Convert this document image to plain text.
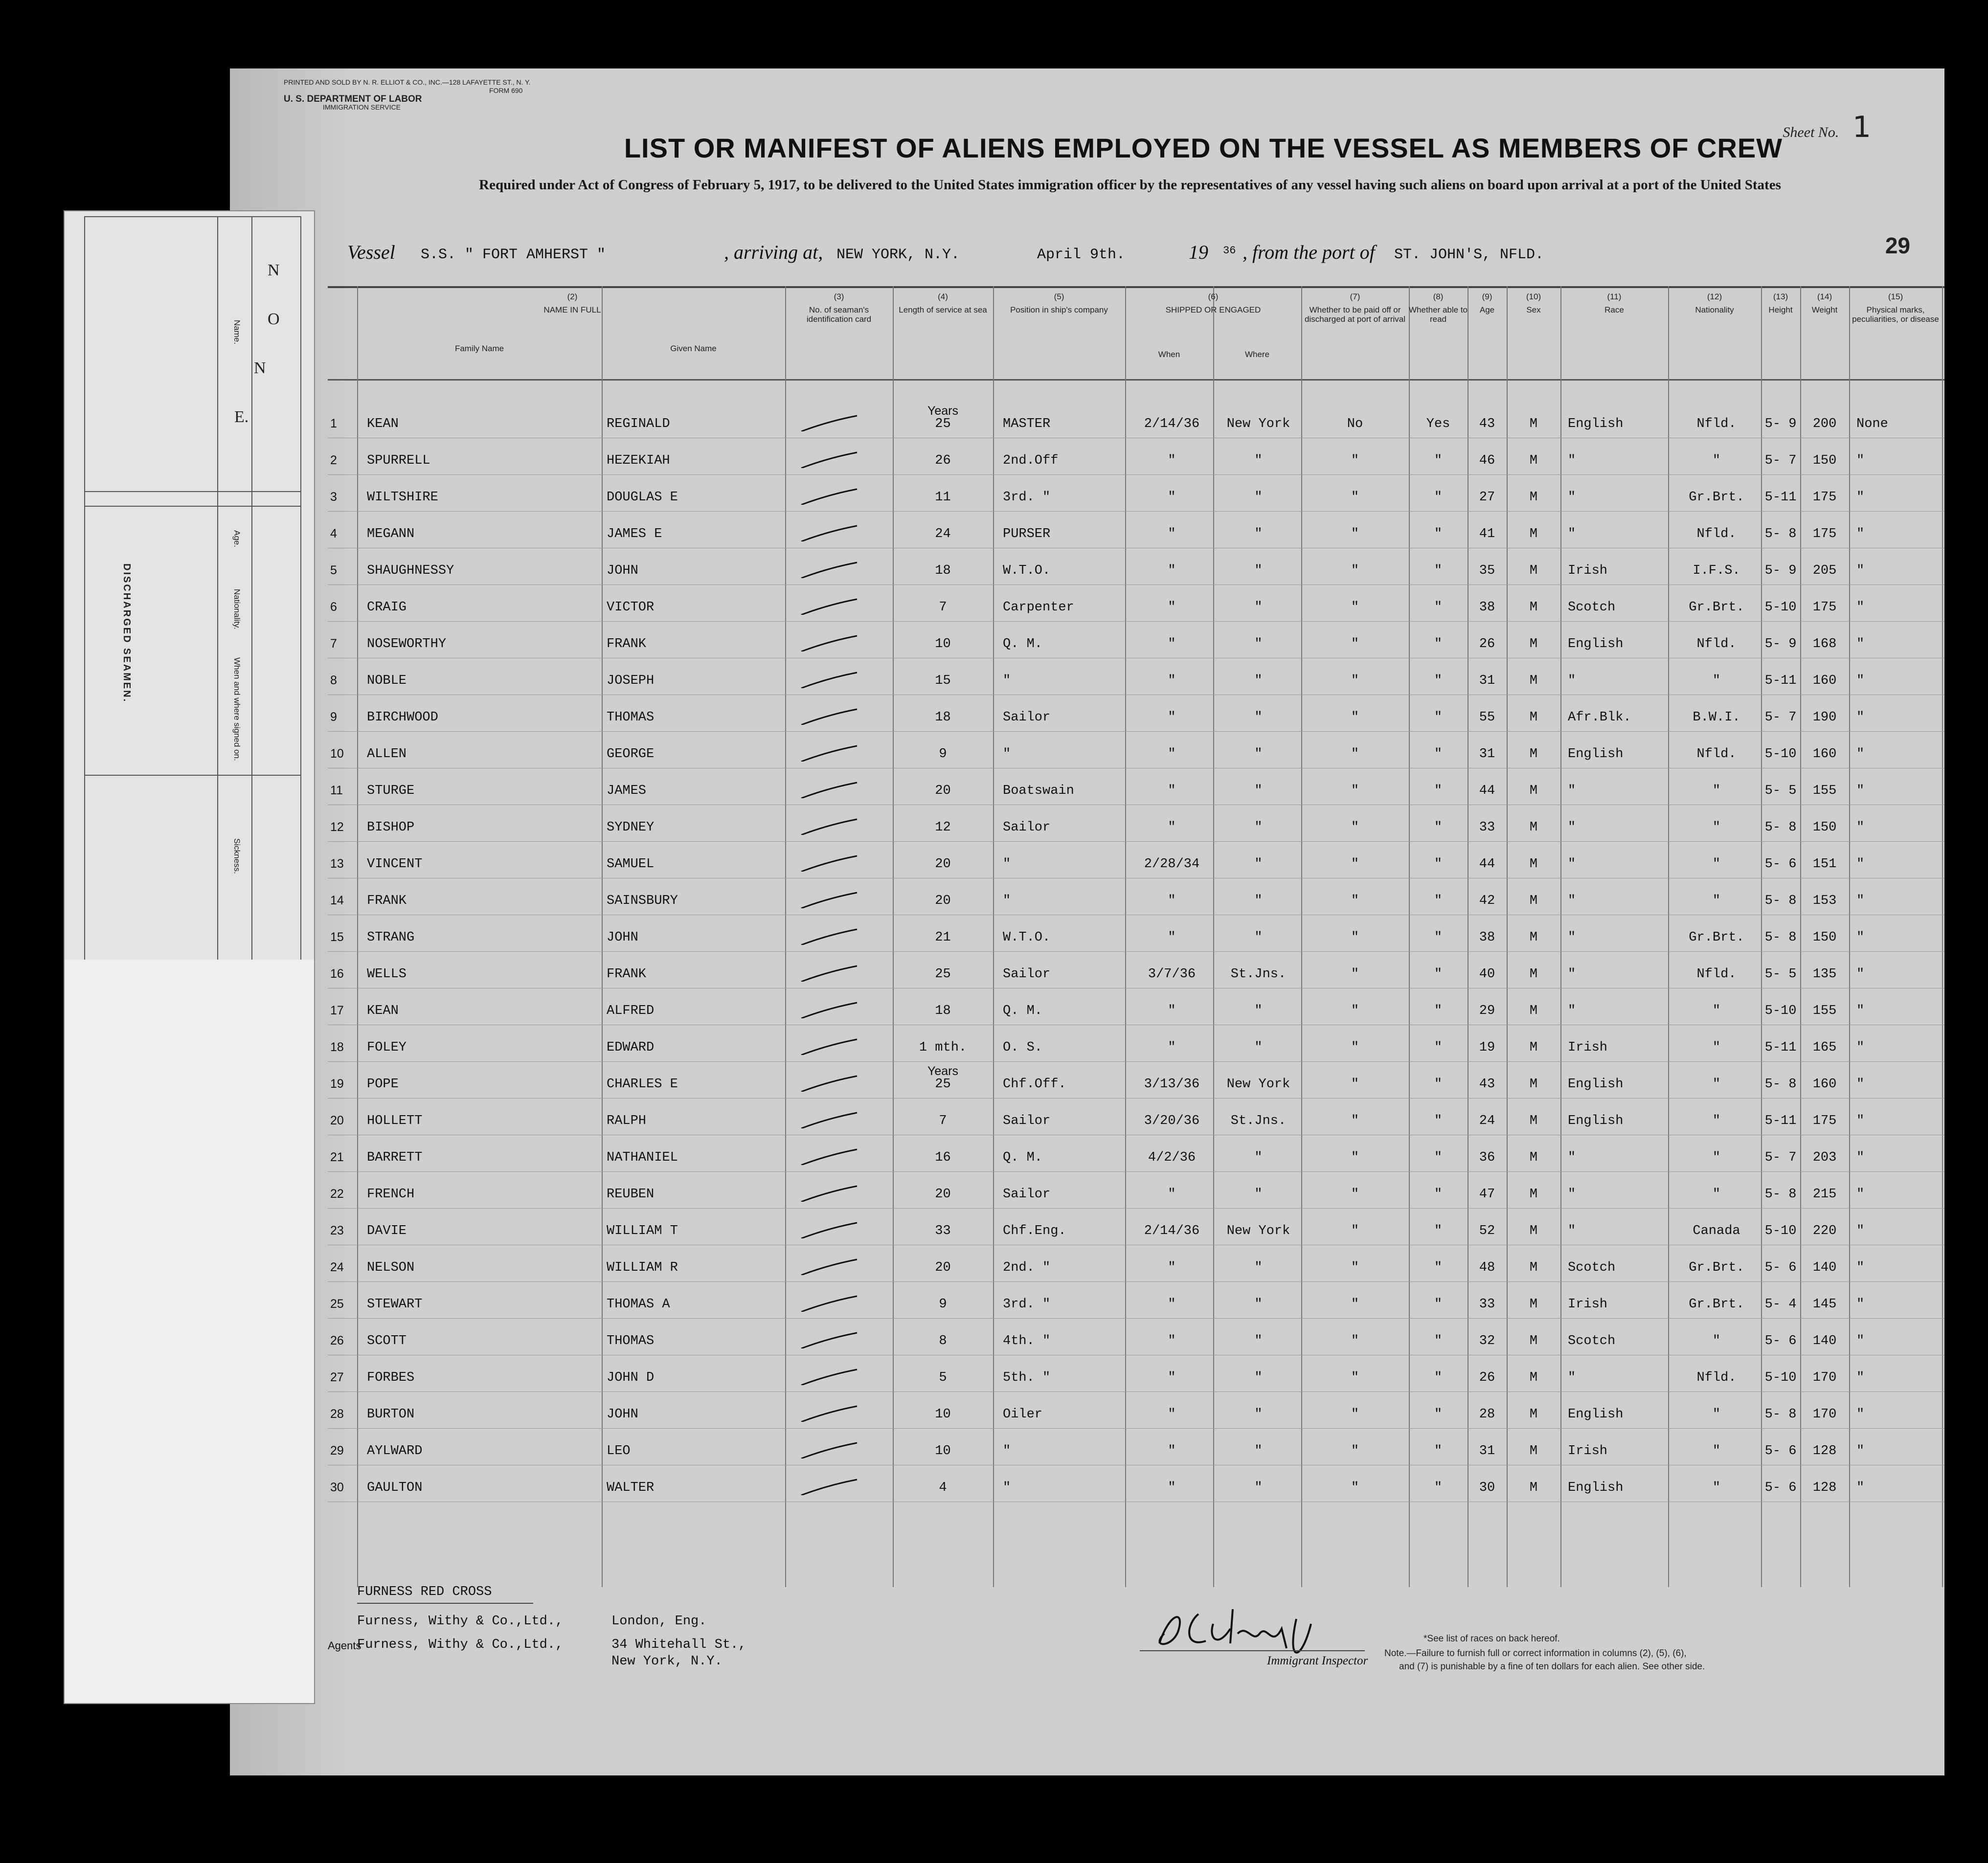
PRINTED AND SOLD BY N. R. ELLIOT & CO., INC.—128 LAFAYETTE ST., N. Y.
FORM 690
U. S. DEPARTMENT OF LABOR
IMMIGRATION SERVICE
Sheet No. 1
LIST OR MANIFEST OF ALIENS EMPLOYED ON THE VESSEL AS MEMBERS OF CREW
Required under Act of Congress of February 5, 1917, to be delivered to the United States immigration officer by the representatives of any vessel having such aliens on board upon arrival at a port of the United States
Vessel S.S. " FORT AMHERST "	, arriving at, NEW YORK, N.Y.	April 9th.	19 36 , from the port of ST. JOHN'S, NFLD.	29
(2)
NAME IN FULL
Family Name	Given Name
(3)
No. of seaman's identification card
(4)
Length of service at sea
(5)
Position in ship's company
(6)
SHIPPED OR ENGAGED
When	Where
(7)
Whether to be paid off or discharged at port of arrival
(8)
Whether able to read
(9)
Age
(10)
Sex
(11)
Race
(12)
Nationality
(13)
Height
(14)
Weight
(15)
Physical marks, peculiarities, or disease
1	KEAN	REGINALD	25	MASTER	2/14/36	New York	No	Yes	43	M	English	Nfld.	5- 9	200	None
Years
2	SPURRELL	HEZEKIAH	26	2nd.Off	"	"	"	"	46	M	"	"	5- 7	150	"
3	WILTSHIRE	DOUGLAS E	11	3rd. "	"	"	"	"	27	M	"	Gr.Brt.	5-11	175	"
4	MEGANN	JAMES E	24	PURSER	"	"	"	"	41	M	"	Nfld.	5- 8	175	"
5	SHAUGHNESSY	JOHN	18	W.T.O.	"	"	"	"	35	M	Irish	I.F.S.	5- 9	205	"
6	CRAIG	VICTOR	7	Carpenter	"	"	"	"	38	M	Scotch	Gr.Brt.	5-10	175	"
7	NOSEWORTHY	FRANK	10	Q. M.	"	"	"	"	26	M	English	Nfld.	5- 9	168	"
8	NOBLE	JOSEPH	15	"	"	"	"	"	31	M	"	"	5-11	160	"
9	BIRCHWOOD	THOMAS	18	Sailor	"	"	"	"	55	M	Afr.Blk.	B.W.I.	5- 7	190	"
10	ALLEN	GEORGE	9	"	"	"	"	"	31	M	English	Nfld.	5-10	160	"
11	STURGE	JAMES	20	Boatswain	"	"	"	"	44	M	"	"	5- 5	155	"
12	BISHOP	SYDNEY	12	Sailor	"	"	"	"	33	M	"	"	5- 8	150	"
13	VINCENT	SAMUEL	20	"	2/28/34	"	"	"	44	M	"	"	5- 6	151	"
14	FRANK	SAINSBURY	20	"	"	"	"	"	42	M	"	"	5- 8	153	"
15	STRANG	JOHN	21	W.T.O.	"	"	"	"	38	M	"	Gr.Brt.	5- 8	150	"
16	WELLS	FRANK	25	Sailor	3/7/36	St.Jns.	"	"	40	M	"	Nfld.	5- 5	135	"
17	KEAN	ALFRED	18	Q. M.	"	"	"	"	29	M	"	"	5-10	155	"
18	FOLEY	EDWARD	1 mth.	O. S.	"	"	"	"	19	M	Irish	"	5-11	165	"
19	POPE	CHARLES E	25	Chf.Off.	3/13/36	New York	"	"	43	M	English	"	5- 8	160	"
Years
20	HOLLETT	RALPH	7	Sailor	3/20/36	St.Jns.	"	"	24	M	English	"	5-11	175	"
21	BARRETT	NATHANIEL	16	Q. M.	4/2/36	"	"	"	36	M	"	"	5- 7	203	"
22	FRENCH	REUBEN	20	Sailor	"	"	"	"	47	M	"	"	5- 8	215	"
23	DAVIE	WILLIAM T	33	Chf.Eng.	2/14/36	New York	"	"	52	M	"	Canada	5-10	220	"
24	NELSON	WILLIAM R	20	2nd. "	"	"	"	"	48	M	Scotch	Gr.Brt.	5- 6	140	"
25	STEWART	THOMAS A	9	3rd. "	"	"	"	"	33	M	Irish	Gr.Brt.	5- 4	145	"
26	SCOTT	THOMAS	8	4th. "	"	"	"	"	32	M	Scotch	"	5- 6	140	"
27	FORBES	JOHN D	5	5th. "	"	"	"	"	26	M	"	Nfld.	5-10	170	"
28	BURTON	JOHN	10	Oiler	"	"	"	"	28	M	English	"	5- 8	170	"
29	AYLWARD	LEO	10	"	"	"	"	"	31	M	Irish	"	5- 6	128	"
30	GAULTON	WALTER	4	"	"	"	"	"	30	M	English	"	5- 6	128	"
FURNESS RED CROSS
Furness, Withy & Co.,Ltd.,	London, Eng.
Agents
Furness, Withy & Co.,Ltd.,	34 Whitehall St.,
New York, N.Y.	Immigrant Inspector
*See list of races on back hereof.
Note.—Failure to furnish full or correct information in columns (2), (5), (6),
and (7) is punishable by a fine of ten dollars for each alien. See other side.
Name.
Age.
Nationality.
When and where signed on.
Sickness.
N
O
N
E.
DISCHARGED SEAMEN.
